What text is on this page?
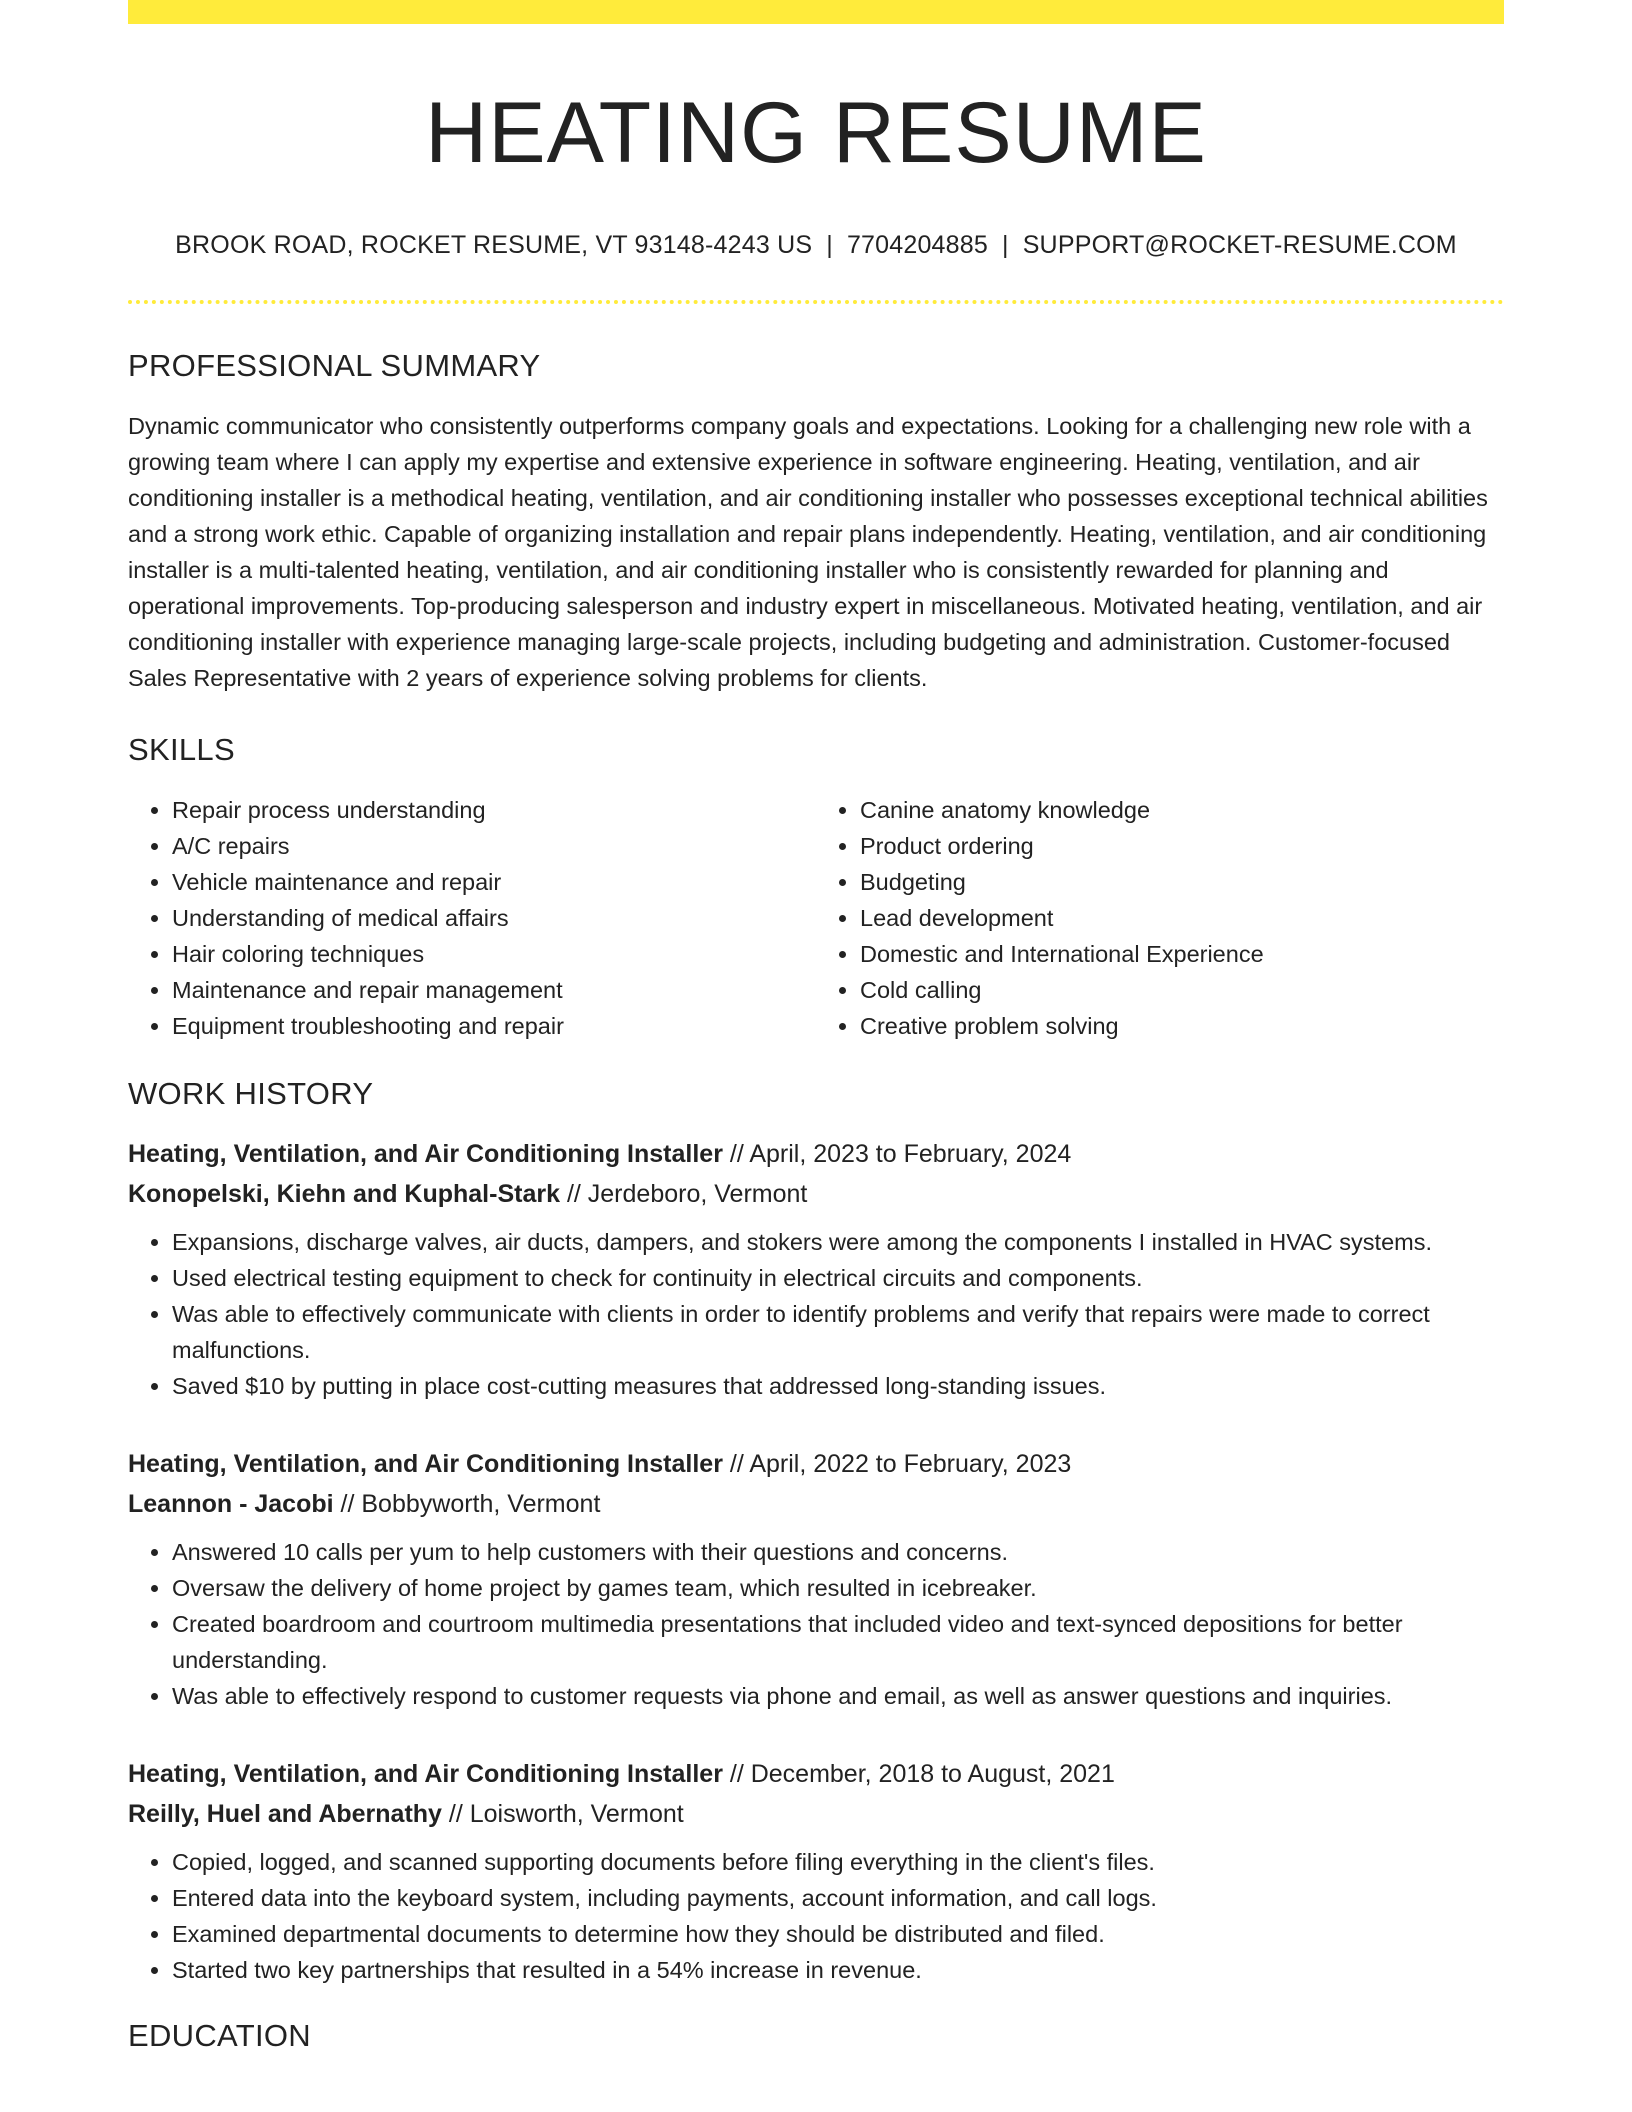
HEATING RESUME
BROOK ROAD, ROCKET RESUME, VT 93148-4243 US | 7704204885 | SUPPORT@ROCKET-RESUME.COM
PROFESSIONAL SUMMARY
Dynamic communicator who consistently outperforms company goals and expectations. Looking for a challenging new role with a growing team where I can apply my expertise and extensive experience in software engineering. Heating, ventilation, and air conditioning installer is a methodical heating, ventilation, and air conditioning installer who possesses exceptional technical abilities and a strong work ethic. Capable of organizing installation and repair plans independently. Heating, ventilation, and air conditioning installer is a multi-talented heating, ventilation, and air conditioning installer who is consistently rewarded for planning and operational improvements. Top-producing salesperson and industry expert in miscellaneous. Motivated heating, ventilation, and air conditioning installer with experience managing large-scale projects, including budgeting and administration. Customer-focused Sales Representative with 2 years of experience solving problems for clients.
SKILLS
• Repair process understanding
• A/C repairs
• Vehicle maintenance and repair
• Understanding of medical affairs
• Hair coloring techniques
• Maintenance and repair management
• Equipment troubleshooting and repair
• Canine anatomy knowledge
• Product ordering
• Budgeting
• Lead development
• Domestic and International Experience
• Cold calling
• Creative problem solving
WORK HISTORY
Heating, Ventilation, and Air Conditioning Installer // April, 2023 to February, 2024
Konopelski, Kiehn and Kuphal-Stark // Jerdeboro, Vermont
• Expansions, discharge valves, air ducts, dampers, and stokers were among the components I installed in HVAC systems.
• Used electrical testing equipment to check for continuity in electrical circuits and components.
• Was able to effectively communicate with clients in order to identify problems and verify that repairs were made to correct malfunctions.
• Saved $10 by putting in place cost-cutting measures that addressed long-standing issues.
Heating, Ventilation, and Air Conditioning Installer // April, 2022 to February, 2023
Leannon - Jacobi // Bobbyworth, Vermont
• Answered 10 calls per yum to help customers with their questions and concerns.
• Oversaw the delivery of home project by games team, which resulted in icebreaker.
• Created boardroom and courtroom multimedia presentations that included video and text-synced depositions for better understanding.
• Was able to effectively respond to customer requests via phone and email, as well as answer questions and inquiries.
Heating, Ventilation, and Air Conditioning Installer // December, 2018 to August, 2021
Reilly, Huel and Abernathy // Loisworth, Vermont
• Copied, logged, and scanned supporting documents before filing everything in the client's files.
• Entered data into the keyboard system, including payments, account information, and call logs.
• Examined departmental documents to determine how they should be distributed and filed.
• Started two key partnerships that resulted in a 54% increase in revenue.
EDUCATION
